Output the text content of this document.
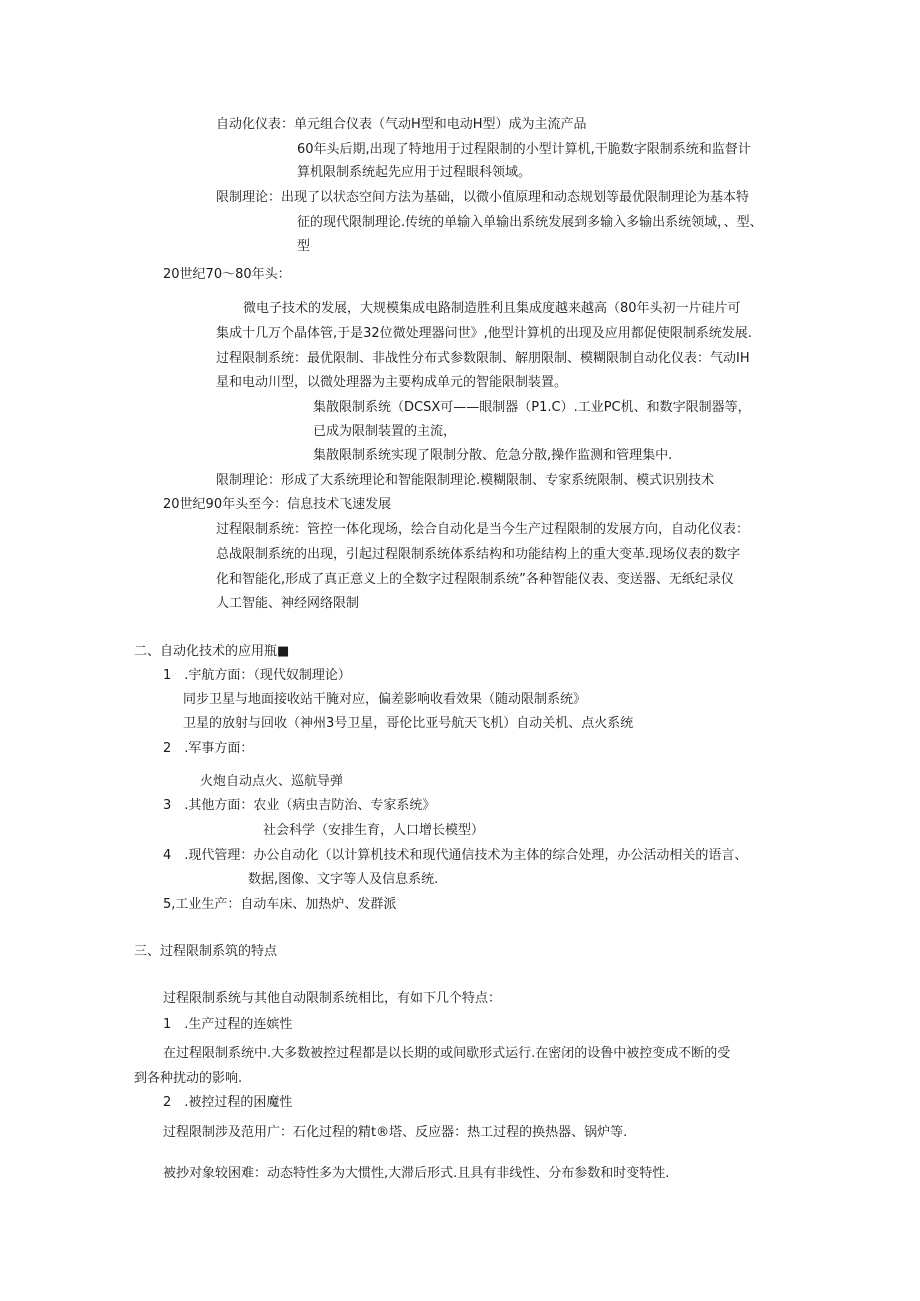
自动化仪表：单元组合仪表（气动H型和电动H型）成为主流产品
60年头后期,出现了特地用于过程限制的小型计算机,干脆数字限制系统和监督计
算机限制系统起先应用于过程眼科领域。
限制理论：出现了以状态空间方法为基础，以微小值原理和动态规划等最优限制理论为基本特
征的现代限制理论.传统的单输入单输出系统发展到多输入多输出系统领域，、型、
型
20世纪70〜80年头：
微电子技术的发展，大规模集成电路制造胜利且集成度越来越高（80年头初一片硅片可
集成十几万个晶体管,于是32位微处理器问世》,他型计算机的出现及应用都促使限制系统发展.
过程限制系统：最优限制、非战性分布式参数限制、解朋限制、模糊限制自动化仪表：气动IH
星和电动川型，以微处理器为主要构成单元的智能限制装置。
集散限制系统（DCSX可——眼制器（P1.C）.工业PC机、和数字限制器等，
已成为限制装置的主流，
集散限制系统实现了限制分散、危急分散,操作监测和管理集中.
限制理论：形成了大系统理论和智能限制理论.模糊限制、专家系统限制、模式识别技术
20世纪90年头至今：信息技术飞速发展
过程限制系统：管控一体化现场，绘合自动化是当今生产过程限制的发展方向，自动化仪表：
总战限制系统的出现，引起过程限制系统体系结构和功能结构上的重大变革.现场仪表的数字
化和智能化,形成了真正意义上的全数字过程限制系统”各种智能仪表、变送器、无纸纪录仪
人工智能、神经网络限制
二、自动化技术的应用瓶■
1　.宇航方面：（现代奴制理论）
同步卫星与地面接收站干腌对应，偏差影响收看效果（随动限制系统》
卫星的放射与回收（神州3号卫星，哥伦比亚号航天飞机）自动关机、点火系统
2　.军事方面：
火炮自动点火、巡航导弹
3　.其他方面：农业（病虫吉防治、专家系统》
社会科学（安排生育，人口增长模型）
4　.现代管理：办公自动化（以计算机技术和现代通信技术为主体的综合处理，办公活动相关的语言、
数据,图像、文字等人及信息系统.
5,工业生产：自动车床、加热炉、发群派
三、过程限制系筑的特点
过程限制系统与其他自动限制系统相比，有如下几个特点：
1　.生产过程的连嫔性
在过程限制系统中.大多数被控过程都是以长期的或间歇形式运行.在密闭的设鲁中被控变成不断的受
到各种扰动的影响.
2　.被控过程的困魔性
过程限制涉及范用广：石化过程的精t®塔、反应器：热工过程的换热器、锅炉等.
被抄对象较困难：动态特性多为大惯性,大滞后形式.且具有非线性、分布参数和时变特性.
